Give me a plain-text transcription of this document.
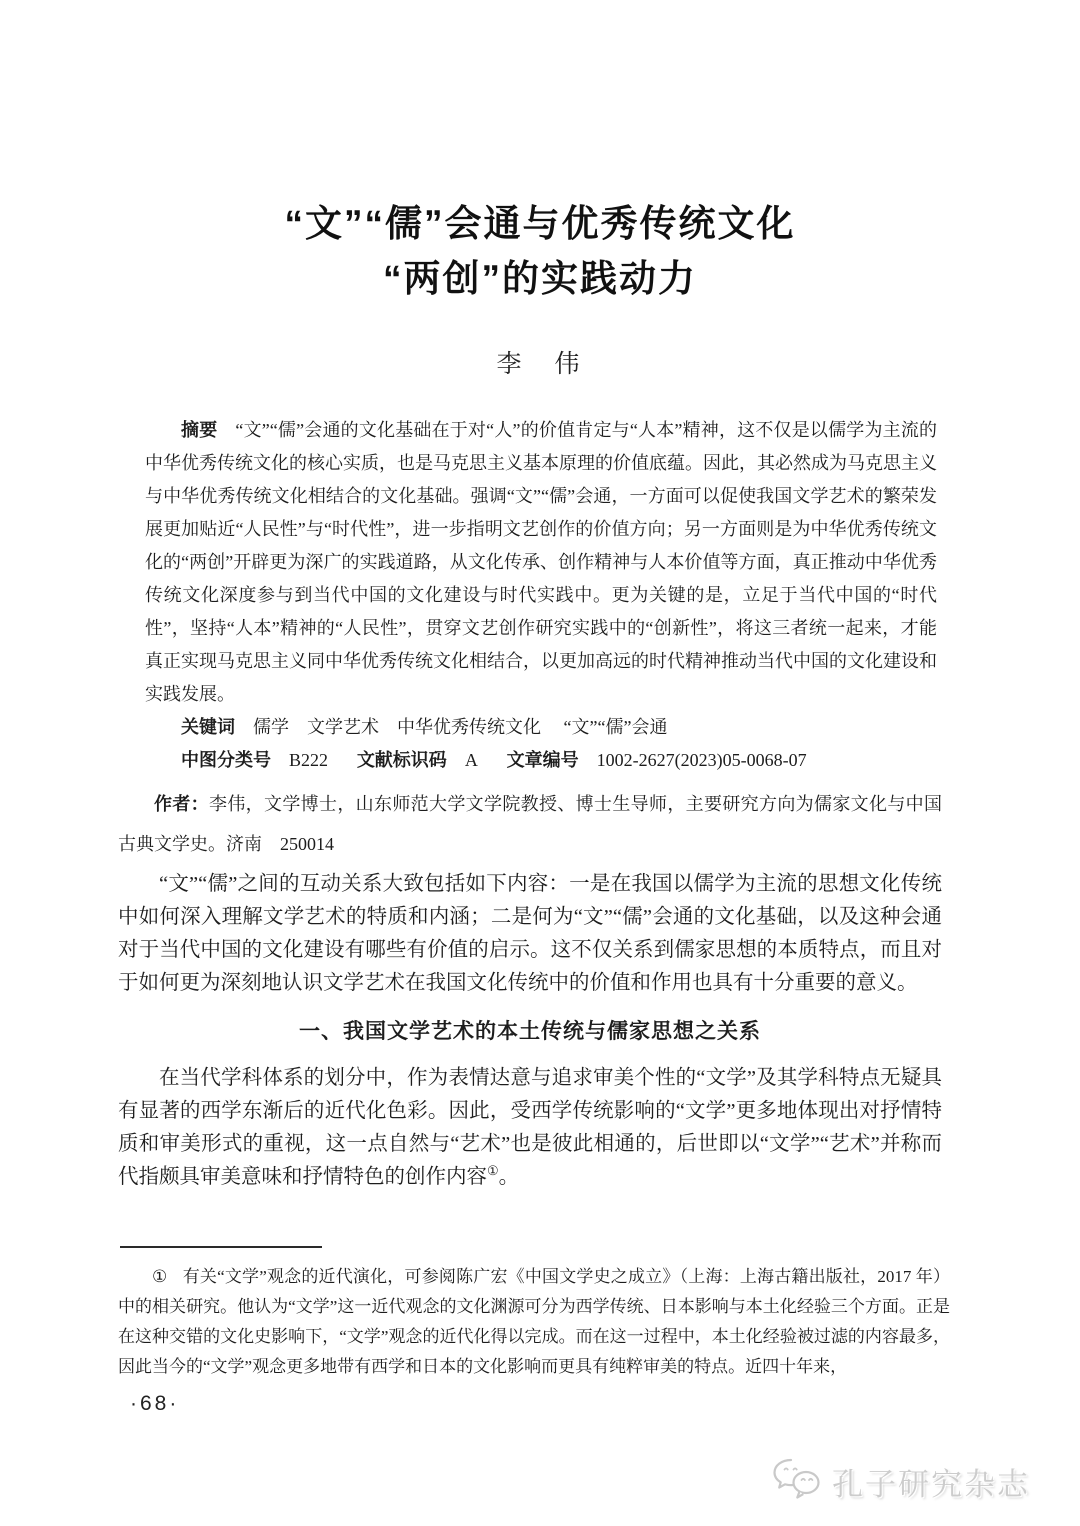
“文”“儒”会通与优秀传统文化
“两创”的实践动力
李　伟

摘要 “文”“儒”会通的文化基础在于对“人”的价值肯定与“人本”精神，这不仅是以儒学为主流的中华优秀传统文化的核心实质，也是马克思主义基本原理的价值底蕴。因此，其必然成为马克思主义与中华优秀传统文化相结合的文化基础。强调“文”“儒”会通，一方面可以促使我国文学艺术的繁荣发展更加贴近“人民性”与“时代性”，进一步指明文艺创作的价值方向；另一方面则是为中华优秀传统文化的“两创”开辟更为深广的实践道路，从文化传承、创作精神与人本价值等方面，真正推动中华优秀传统文化深度参与到当代中国的文化建设与时代实践中。更为关键的是，立足于当代中国的“时代性”，坚持“人本”精神的“人民性”，贯穿文艺创作研究实践中的“创新性”，将这三者统一起来，才能真正实现马克思主义同中华优秀传统文化相结合，以更加高远的时代精神推动当代中国的文化建设和实践发展。

关键词 儒学　文学艺术　中华优秀传统文化　 “文”“儒”会通

中图分类号 B222 文献标识码 A 文章编号 1002-2627(2023)05-0068-07

作者：李伟，文学博士，山东师范大学文学院教授、博士生导师，主要研究方向为儒家文化与中国古典文学史。济南　250014

“文”“儒”之间的互动关系大致包括如下内容：一是在我国以儒学为主流的思想文化传统中如何深入理解文学艺术的特质和内涵；二是何为“文”“儒”会通的文化基础，以及这种会通对于当代中国的文化建设有哪些有价值的启示。这不仅关系到儒家思想的本质特点，而且对于如何更为深刻地认识文学艺术在我国文化传统中的价值和作用也具有十分重要的意义。

一、我国文学艺术的本土传统与儒家思想之关系

在当代学科体系的划分中，作为表情达意与追求审美个性的“文学”及其学科特点无疑具有显著的西学东渐后的近代化色彩。因此，受西学传统影响的“文学”更多地体现出对抒情特质和审美形式的重视，这一点自然与“艺术”也是彼此相通的，后世即以“文学”“艺术”并称而代指颇具审美意味和抒情特色的创作内容①。

① 有关“文学”观念的近代演化，可参阅陈广宏《中国文学史之成立》（上海：上海古籍出版社，2017 年）中的相关研究。他认为“文学”这一近代观念的文化渊源可分为西学传统、日本影响与本土化经验三个方面。正是在这种交错的文化史影响下，“文学”观念的近代化得以完成。而在这一过程中，本土化经验被过滤的内容最多，因此当今的“文学”观念更多地带有西学和日本的文化影响而更具有纯粹审美的特点。近四十年来，

·68·
孔子研究杂志
